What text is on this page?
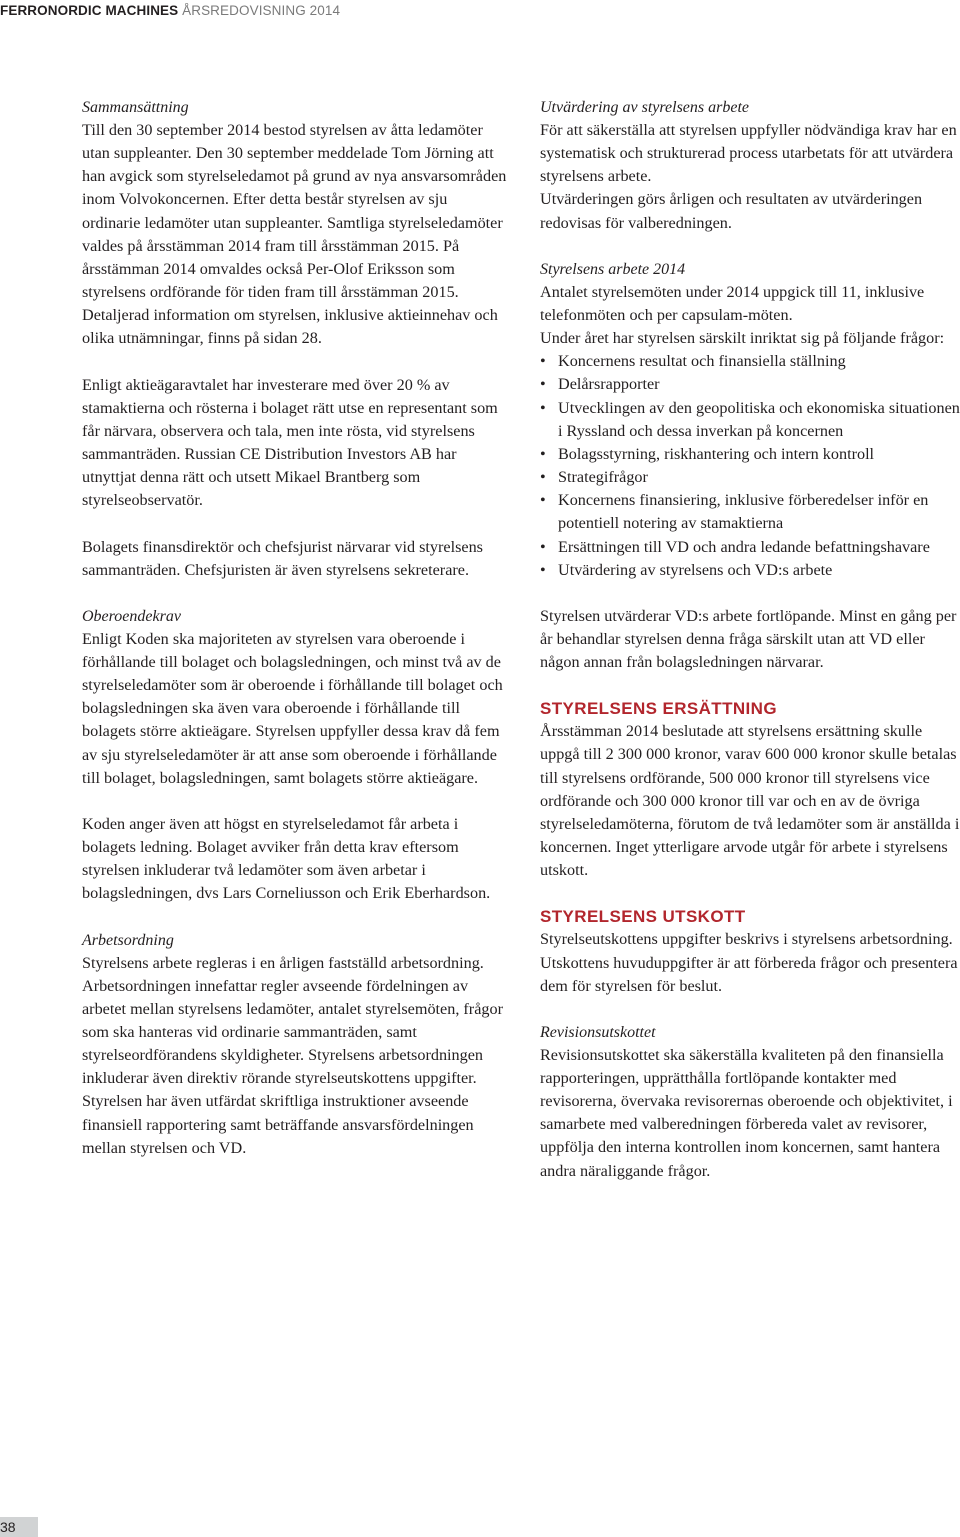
FERRONORDIC MACHINES ÅRSREDOVISNING 2014

Sammansättning

Till den 30 september 2014 bestod styrelsen av åtta ledamöter utan suppleanter. Den 30 september meddelade Tom Jörning att han avgick som styrelseledamot på grund av nya ansvarsområden inom Volvokoncernen. Efter detta består styrelsen av sju ordinarie ledamöter utan suppleanter. Samtliga styrelseledamöter valdes på årsstämman 2014 fram till årsstämman 2015. På årsstämman 2014 omvaldes också Per-Olof Eriksson som styrelsens ordförande för tiden fram till årsstämman 2015. Detaljerad information om styrelsen, inklusive aktieinnehav och olika utnämningar, finns på sidan 28.

Enligt aktieägaravtalet har investerare med över 20 % av stamaktierna och rösterna i bolaget rätt utse en representant som får närvara, observera och tala, men inte rösta, vid styrelsens sammanträden. Russian CE Distribution Investors AB har utnyttjat denna rätt och utsett Mikael Brantberg som styrelseobservatör.

Bolagets finansdirektör och chefsjurist närvarar vid styrelsens sammanträden. Chefsjuristen är även styrelsens sekreterare.

Oberoendekrav

Enligt Koden ska majoriteten av styrelsen vara oberoende i förhållande till bolaget och bolagsledningen, och minst två av de styrelseledamöter som är oberoende i förhållande till bolaget och bolagsledningen ska även vara oberoende i förhållande till bolagets större aktieägare. Styrelsen uppfyller dessa krav då fem av sju styrelseledamöter är att anse som oberoende i förhållande till bolaget, bolagsledningen, samt bolagets större aktieägare.

Koden anger även att högst en styrelseledamot får arbeta i bolagets ledning. Bolaget avviker från detta krav eftersom styrelsen inkluderar två ledamöter som även arbetar i bolagsledningen, dvs Lars Corneliusson och Erik Eberhardson.

Arbetsordning

Styrelsens arbete regleras i en årligen fastställd arbetsordning. Arbetsordningen innefattar regler avseende fördelningen av arbetet mellan styrelsens ledamöter, antalet styrelsemöten, frågor som ska hanteras vid ordinarie sammanträden, samt styrelseordförandens skyldigheter. Styrelsens arbetsordningen inkluderar även direktiv rörande styrelseutskottens uppgifter. Styrelsen har även utfärdat skriftliga instruktioner avseende finansiell rapportering samt beträffande ansvarsfördelningen mellan styrelsen och VD.

Utvärdering av styrelsens arbete

För att säkerställa att styrelsen uppfyller nödvändiga krav har en systematisk och strukturerad process utarbetats för att utvärdera styrelsens arbete.

Utvärderingen görs årligen och resultaten av utvärderingen redovisas för valberedningen.

Styrelsens arbete 2014

Antalet styrelsemöten under 2014 uppgick till 11, inklusive telefonmöten och per capsulam-möten.

Under året har styrelsen särskilt inriktat sig på följande frågor:

• Koncernens resultat och finansiella ställning
• Delårsrapporter
• Utvecklingen av den geopolitiska och ekonomiska situationen i Ryssland och dessa inverkan på koncernen
• Bolagsstyrning, riskhantering och intern kontroll
• Strategifrågor
• Koncernens finansiering, inklusive förberedelser inför en potentiell notering av stamaktierna
• Ersättningen till VD och andra ledande befattningshavare
• Utvärdering av styrelsens och VD:s arbete

Styrelsen utvärderar VD:s arbete fortlöpande. Minst en gång per år behandlar styrelsen denna fråga särskilt utan att VD eller någon annan från bolagsledningen närvarar.

STYRELSENS ERSÄTTNING

Årsstämman 2014 beslutade att styrelsens ersättning skulle uppgå till 2 300 000 kronor, varav 600 000 kronor skulle betalas till styrelsens ordförande, 500 000 kronor till styrelsens vice ordförande och 300 000 kronor till var och en av de övriga styrelseledamöterna, förutom de två ledamöter som är anställda i koncernen. Inget ytterligare arvode utgår för arbete i styrelsens utskott.

STYRELSENS UTSKOTT

Styrelseutskottens uppgifter beskrivs i styrelsens arbetsordning. Utskottens huvuduppgifter är att förbereda frågor och presentera dem för styrelsen för beslut.

Revisionsutskottet

Revisionsutskottet ska säkerställa kvaliteten på den finansiella rapporteringen, upprätthålla fortlöpande kontakter med revisorerna, övervaka revisorernas oberoende och objektivitet, i samarbete med valberedningen förbereda valet av revisorer, uppfölja den interna kontrollen inom koncernen, samt hantera andra näraliggande frågor.

38
